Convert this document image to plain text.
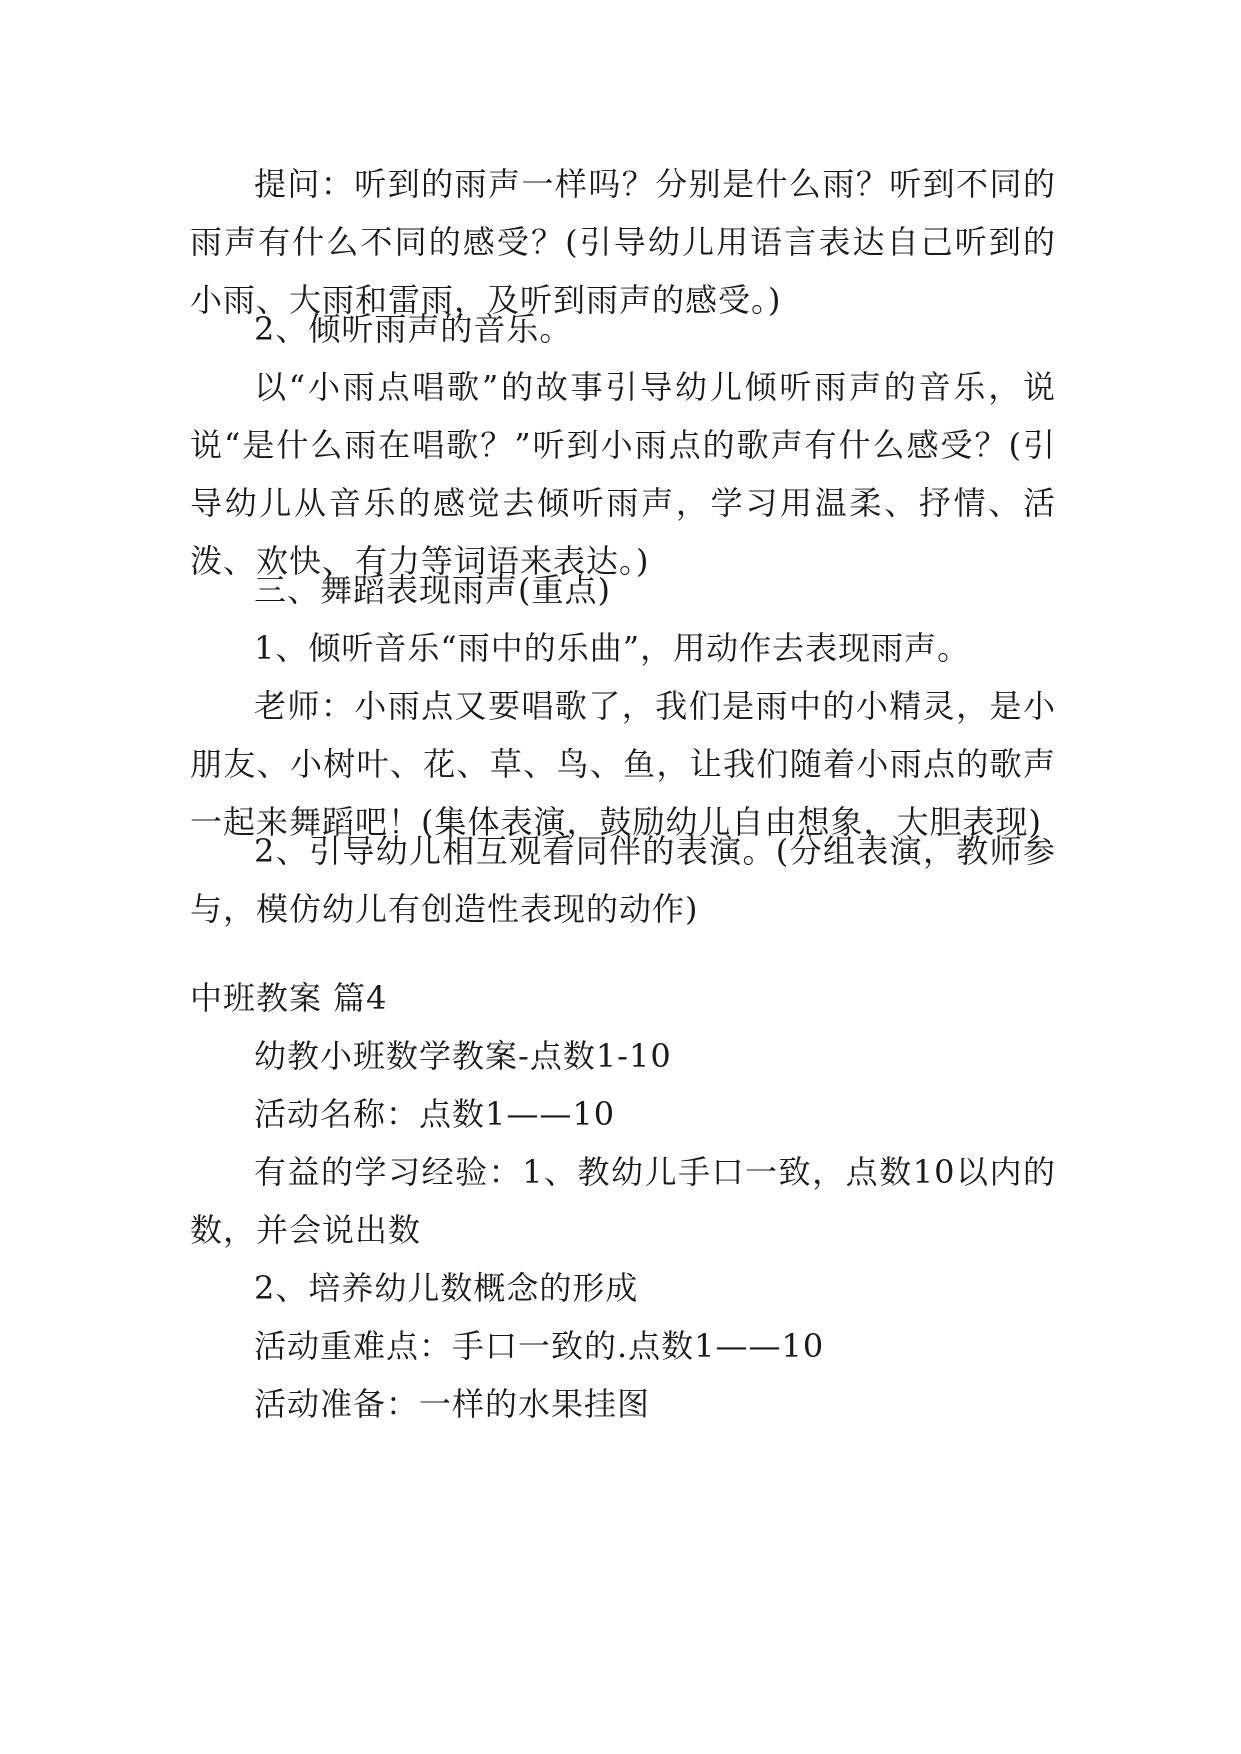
提问：听到的雨声一样吗？分别是什么雨？听到不同的雨声有什么不同的感受？(引导幼儿用语言表达自己听到的小雨、大雨和雷雨，及听到雨声的感受。)

2、倾听雨声的音乐。

以“小雨点唱歌”的故事引导幼儿倾听雨声的音乐，说说“是什么雨在唱歌？”听到小雨点的歌声有什么感受？(引导幼儿从音乐的感觉去倾听雨声，学习用温柔、抒情、活泼、欢快、有力等词语来表达。)

三、舞蹈表现雨声(重点)

1、倾听音乐“雨中的乐曲”，用动作去表现雨声。

老师：小雨点又要唱歌了，我们是雨中的小精灵，是小朋友、小树叶、花、草、鸟、鱼，让我们随着小雨点的歌声一起来舞蹈吧！(集体表演，鼓励幼儿自由想象，大胆表现)

2、引导幼儿相互观看同伴的表演。(分组表演，教师参与，模仿幼儿有创造性表现的动作)

中班教案 篇4

幼教小班数学教案-点数1-10

活动名称：点数1——10

有益的学习经验：1、教幼儿手口一致，点数10以内的数，并会说出数

2、培养幼儿数概念的形成

活动重难点：手口一致的.点数1——10

活动准备：一样的水果挂图
